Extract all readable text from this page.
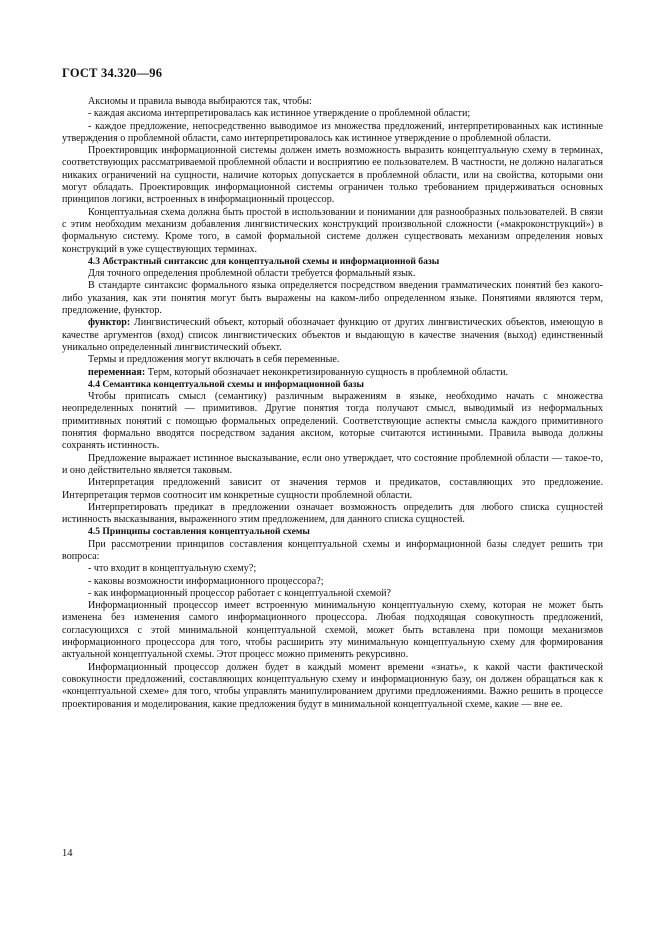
ГОСТ 34.320—96

Аксиомы и правила вывода выбираются так, чтобы:

- каждая аксиома интерпретировалась как истинное утверждение о проблемной области;

- каждое предложение, непосредственно выводимое из множества предложений, интерпретированных как истинные утверждения о проблемной области, само интерпретировалось как истинное утверждение о проблемной области.

Проектировщик информационной системы должен иметь возможность выразить концептуальную схему в терминах, соответствующих рассматриваемой проблемной области и восприятию ее пользователем. В частности, не должно налагаться никаких ограничений на сущности, наличие которых допускается в проблемной области, или на свойства, которыми они могут обладать. Проектировщик информационной системы ограничен только требованием придерживаться основных принципов логики, встроенных в информационный процессор.

Концептуальная схема должна быть простой в использовании и понимании для разнообразных пользователей. В связи с этим необходим механизм добавления лингвистических конструкций произвольной сложности («макроконструкций») в формальную систему. Кроме того, в самой формальной системе должен существовать механизм определения новых конструкций в уже существующих терминах.

4.3 Абстрактный синтаксис для концептуальной схемы и информационной базы

Для точного определения проблемной области требуется формальный язык.

В стандарте синтаксис формального языка определяется посредством введения грамматических понятий без какого-либо указания, как эти понятия могут быть выражены на каком-либо определенном языке. Понятиями являются терм, предложение, функтор.

функтор: Лингвистический объект, который обозначает функцию от других лингвистических объектов, имеющую в качестве аргументов (вход) список лингвистических объектов и выдающую в качестве значения (выход) единственный уникально определенный лингвистический объект.

Термы и предложения могут включать в себя переменные.

переменная: Терм, который обозначает неконкретизированную сущность в проблемной области.

4.4 Семантика концептуальной схемы и информационной базы

Чтобы приписать смысл (семантику) различным выражениям в языке, необходимо начать с множества неопределенных понятий — примитивов. Другие понятия тогда получают смысл, выводимый из неформальных примитивных понятий с помощью формальных определений. Соответствующие аспекты смысла каждого примитивного понятия формально вводятся посредством задания аксиом, которые считаются истинными. Правила вывода должны сохранять истинность.

Предложение выражает истинное высказывание, если оно утверждает, что состояние проблемной области — такое-то, и оно действительно является таковым.

Интерпретация предложений зависит от значения термов и предикатов, составляющих это предложение. Интерпретация термов соотносит им конкретные сущности проблемной области.

Интерпретировать предикат в предложении означает возможность определить для любого списка сущностей истинность высказывания, выраженного этим предложением, для данного списка сущностей.

4.5 Принципы составления концептуальной схемы

При рассмотрении принципов составления концептуальной схемы и информационной базы следует решить три вопроса:

- что входит в концептуальную схему?;

- каковы возможности информационного процессора?;

- как информационный процессор работает с концептуальной схемой?

Информационный процессор имеет встроенную минимальную концептуальную схему, которая не может быть изменена без изменения самого информационного процессора. Любая подходящая совокупность предложений, согласующихся с этой минимальной концептуальной схемой, может быть вставлена при помощи механизмов информационного процессора для того, чтобы расширить эту минимальную концептуальную схему для формирования актуальной концептуальной схемы. Этот процесс можно применять рекурсивно.

Информационный процессор должен будет в каждый момент времени «знать», к какой части фактической совокупности предложений, составляющих концептуальную схему и информационную базу, он должен обращаться как к «концептуальной схеме» для того, чтобы управлять манипулированием другими предложениями. Важно решить в процессе проектирования и моделирования, какие предложения будут в минимальной концептуальной схеме, какие — вне ее.

14
